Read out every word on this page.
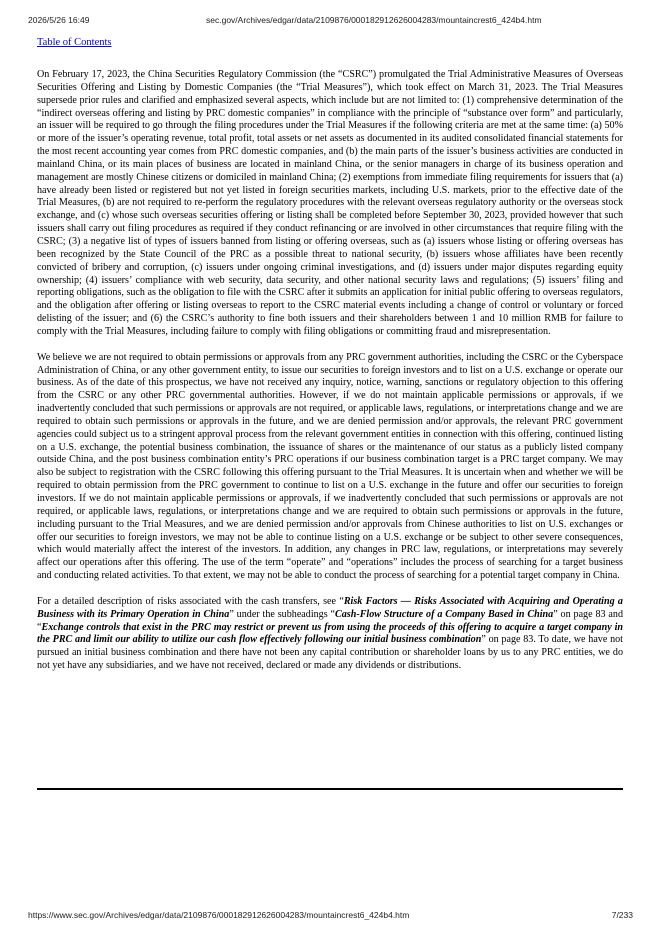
2026/5/26 16:49	sec.gov/Archives/edgar/data/2109876/000182912626004283/mountaincrest6_424b4.htm
Table of Contents

On February 17, 2023, the China Securities Regulatory Commission (the “CSRC”) promulgated the Trial Administrative Measures of Overseas Securities Offering and Listing by Domestic Companies (the “Trial Measures”), which took effect on March 31, 2023. The Trial Measures supersede prior rules and clarified and emphasized several aspects, which include but are not limited to: (1) comprehensive determination of the “indirect overseas offering and listing by PRC domestic companies” in compliance with the principle of “substance over form” and particularly, an issuer will be required to go through the filing procedures under the Trial Measures if the following criteria are met at the same time: (a) 50% or more of the issuer’s operating revenue, total profit, total assets or net assets as documented in its audited consolidated financial statements for the most recent accounting year comes from PRC domestic companies, and (b) the main parts of the issuer’s business activities are conducted in mainland China, or its main places of business are located in mainland China, or the senior managers in charge of its business operation and management are mostly Chinese citizens or domiciled in mainland China; (2) exemptions from immediate filing requirements for issuers that (a) have already been listed or registered but not yet listed in foreign securities markets, including U.S. markets, prior to the effective date of the Trial Measures, (b) are not required to re-perform the regulatory procedures with the relevant overseas regulatory authority or the overseas stock exchange, and (c) whose such overseas securities offering or listing shall be completed before September 30, 2023, provided however that such issuers shall carry out filing procedures as required if they conduct refinancing or are involved in other circumstances that require filing with the CSRC; (3) a negative list of types of issuers banned from listing or offering overseas, such as (a) issuers whose listing or offering overseas has been recognized by the State Council of the PRC as a possible threat to national security, (b) issuers whose affiliates have been recently convicted of bribery and corruption, (c) issuers under ongoing criminal investigations, and (d) issuers under major disputes regarding equity ownership; (4) issuers’ compliance with web security, data security, and other national security laws and regulations; (5) issuers’ filing and reporting obligations, such as the obligation to file with the CSRC after it submits an application for initial public offering to overseas regulators, and the obligation after offering or listing overseas to report to the CSRC material events including a change of control or voluntary or forced delisting of the issuer; and (6) the CSRC’s authority to fine both issuers and their shareholders between 1 and 10 million RMB for failure to comply with the Trial Measures, including failure to comply with filing obligations or committing fraud and misrepresentation.

We believe we are not required to obtain permissions or approvals from any PRC government authorities, including the CSRC or the Cyberspace Administration of China, or any other government entity, to issue our securities to foreign investors and to list on a U.S. exchange or operate our business. As of the date of this prospectus, we have not received any inquiry, notice, warning, sanctions or regulatory objection to this offering from the CSRC or any other PRC governmental authorities. However, if we do not maintain applicable permissions or approvals, if we inadvertently concluded that such permissions or approvals are not required, or applicable laws, regulations, or interpretations change and we are required to obtain such permissions or approvals in the future, and we are denied permission and/or approvals, the relevant PRC government agencies could subject us to a stringent approval process from the relevant government entities in connection with this offering, continued listing on a U.S. exchange, the potential business combination, the issuance of shares or the maintenance of our status as a publicly listed company outside China, and the post business combination entity’s PRC operations if our business combination target is a PRC target company. We may also be subject to registration with the CSRC following this offering pursuant to the Trial Measures. It is uncertain when and whether we will be required to obtain permission from the PRC government to continue to list on a U.S. exchange in the future and offer our securities to foreign investors. If we do not maintain applicable permissions or approvals, if we inadvertently concluded that such permissions or approvals are not required, or applicable laws, regulations, or interpretations change and we are required to obtain such permissions or approvals in the future, including pursuant to the Trial Measures, and we are denied permission and/or approvals from Chinese authorities to list on U.S. exchanges or offer our securities to foreign investors, we may not be able to continue listing on a U.S. exchange or be subject to other severe consequences, which would materially affect the interest of the investors. In addition, any changes in PRC law, regulations, or interpretations may severely affect our operations after this offering. The use of the term “operate” and “operations” includes the process of searching for a target business and conducting related activities. To that extent, we may not be able to conduct the process of searching for a potential target company in China.

For a detailed description of risks associated with the cash transfers, see “Risk Factors — Risks Associated with Acquiring and Operating a Business with its Primary Operation in China” under the subheadings “Cash-Flow Structure of a Company Based in China” on page 83 and “Exchange controls that exist in the PRC may restrict or prevent us from using the proceeds of this offering to acquire a target company in the PRC and limit our ability to utilize our cash flow effectively following our initial business combination” on page 83. To date, we have not pursued an initial business combination and there have not been any capital contribution or shareholder loans by us to any PRC entities, we do not yet have any subsidiaries, and we have not received, declared or made any dividends or distributions.

https://www.sec.gov/Archives/edgar/data/2109876/000182912626004283/mountaincrest6_424b4.htm	7/233
